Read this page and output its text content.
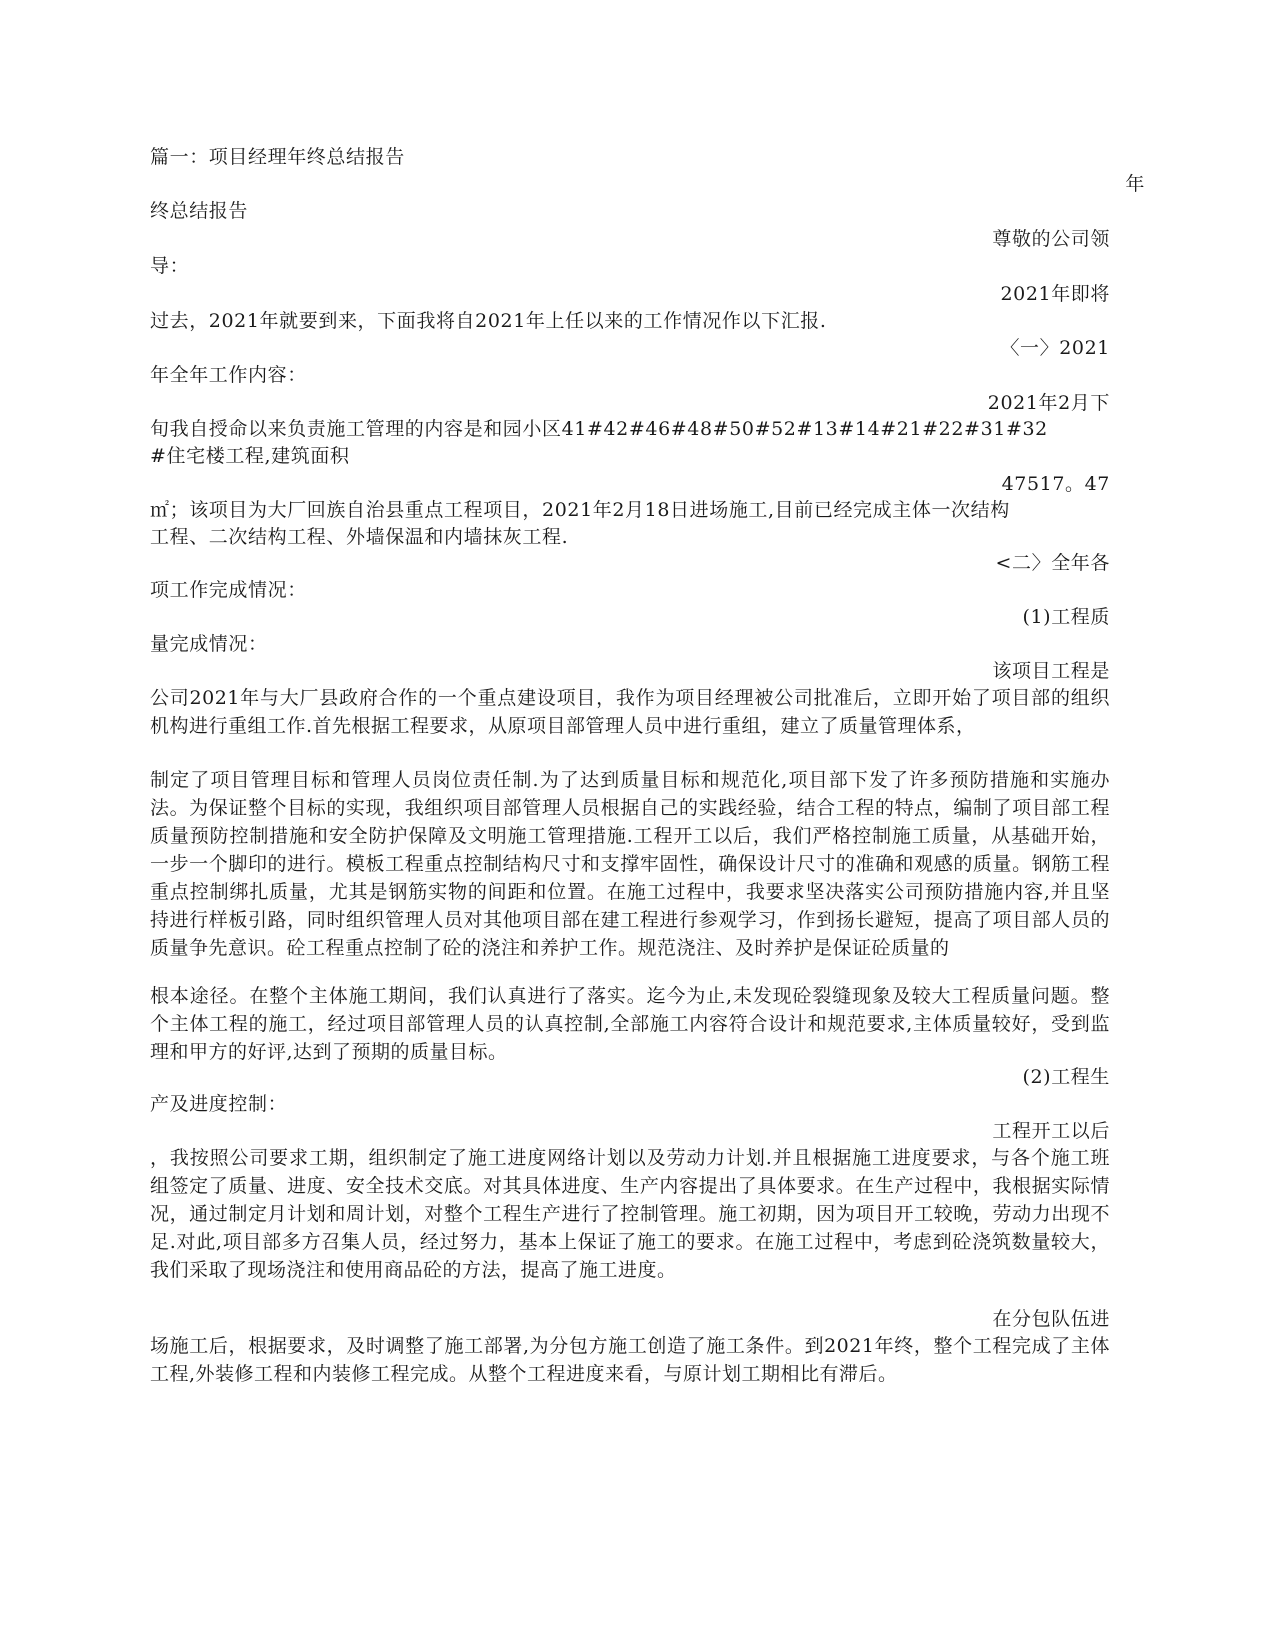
篇一：项目经理年终总结报告
年
终总结报告
尊敬的公司领
导：
2021年即将
过去，2021年就要到来，下面我将自2021年上任以来的工作情况作以下汇报.
〈一〉2021
年全年工作内容：
2021年2月下
旬我自授命以来负责施工管理的内容是和园小区41#42#46#48#50#52#13#14#21#22#31#32
#住宅楼工程,建筑面积
47517。47
㎡；该项目为大厂回族自治县重点工程项目，2021年2月18日进场施工,目前已经完成主体一次结构
工程、二次结构工程、外墙保温和内墙抹灰工程.
<二〉全年各
项工作完成情况：
(1)工程质
量完成情况：
该项目工程是
公司2021年与大厂县政府合作的一个重点建设项目，我作为项目经理被公司批准后，立即开始了项目部的组织机构进行重组工作.首先根据工程要求，从原项目部管理人员中进行重组，建立了质量管理体系，
制定了项目管理目标和管理人员岗位责任制.为了达到质量目标和规范化,项目部下发了许多预防措施和实施办法。为保证整个目标的实现，我组织项目部管理人员根据自己的实践经验，结合工程的特点，编制了项目部工程质量预防控制措施和安全防护保障及文明施工管理措施.工程开工以后，我们严格控制施工质量，从基础开始，一步一个脚印的进行。模板工程重点控制结构尺寸和支撑牢固性，确保设计尺寸的准确和观感的质量。钢筋工程重点控制绑扎质量，尤其是钢筋实物的间距和位置。在施工过程中，我要求坚决落实公司预防措施内容,并且坚持进行样板引路，同时组织管理人员对其他项目部在建工程进行参观学习，作到扬长避短，提高了项目部人员的质量争先意识。砼工程重点控制了砼的浇注和养护工作。规范浇注、及时养护是保证砼质量的
根本途径。在整个主体施工期间，我们认真进行了落实。迄今为止,未发现砼裂缝现象及较大工程质量问题。整个主体工程的施工，经过项目部管理人员的认真控制,全部施工内容符合设计和规范要求,主体质量较好，受到监理和甲方的好评,达到了预期的质量目标。
(2)工程生
产及进度控制：
工程开工以后
，我按照公司要求工期，组织制定了施工进度网络计划以及劳动力计划.并且根据施工进度要求，与各个施工班组签定了质量、进度、安全技术交底。对其具体进度、生产内容提出了具体要求。在生产过程中，我根据实际情况，通过制定月计划和周计划，对整个工程生产进行了控制管理。施工初期，因为项目开工较晚，劳动力出现不足.对此,项目部多方召集人员，经过努力，基本上保证了施工的要求。在施工过程中，考虑到砼浇筑数量较大，我们采取了现场浇注和使用商品砼的方法，提高了施工进度。
在分包队伍进
场施工后，根据要求，及时调整了施工部署,为分包方施工创造了施工条件。到2021年终，整个工程完成了主体工程,外装修工程和内装修工程完成。从整个工程进度来看，与原计划工期相比有滞后。
